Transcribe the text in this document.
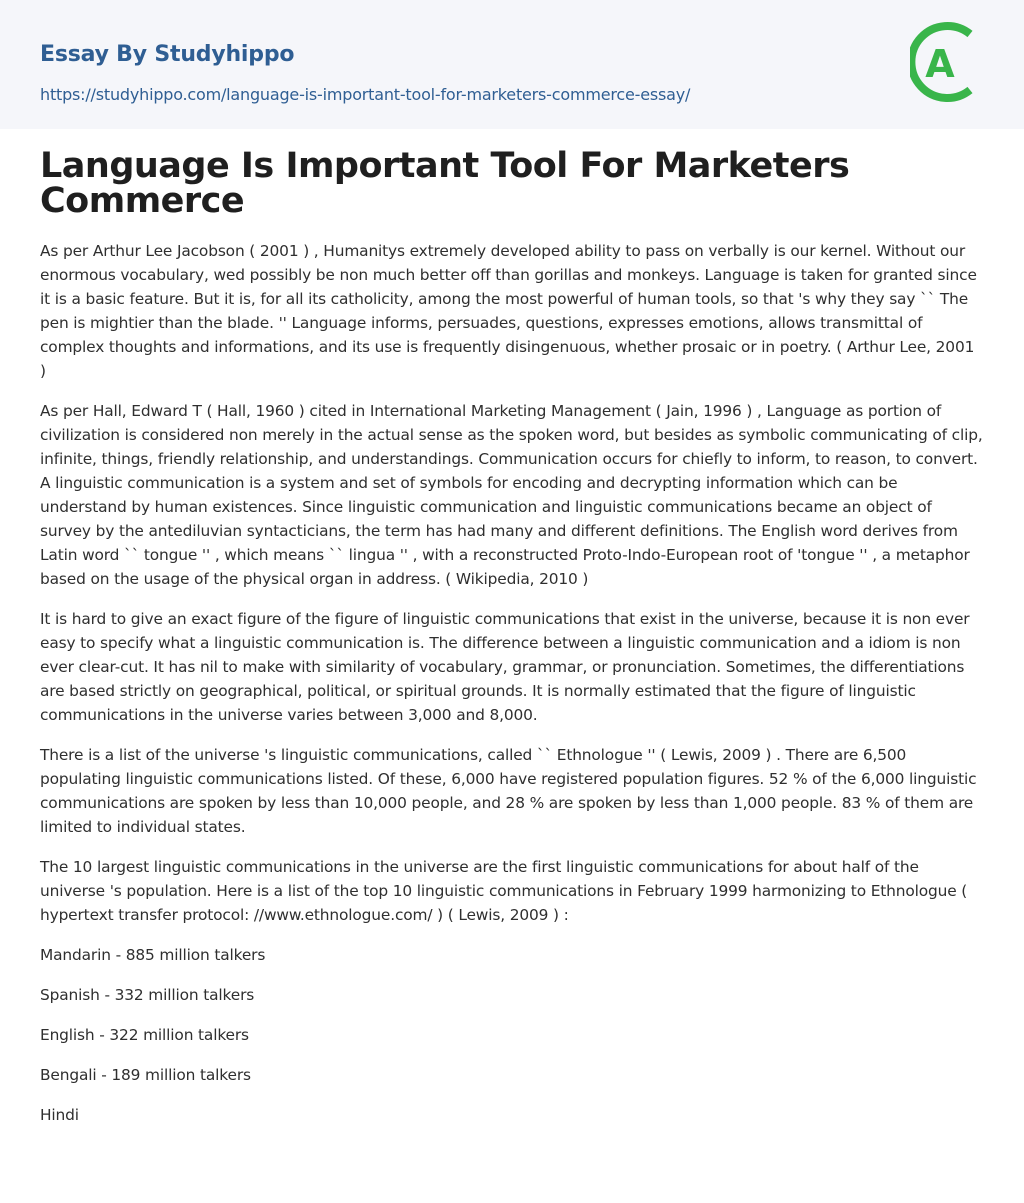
Essay By Studyhippo
https://studyhippo.com/language-is-important-tool-for-marketers-commerce-essay/
A
Language Is Important Tool For Marketers Commerce

As per Arthur Lee Jacobson ( 2001 ) , Humanitys extremely developed ability to pass on verbally is our kernel. Without our enormous vocabulary, wed possibly be non much better off than gorillas and monkeys. Language is taken for granted since it is a basic feature. But it is, for all its catholicity, among the most powerful of human tools, so that 's why they say `` The pen is mightier than the blade. '' Language informs, persuades, questions, expresses emotions, allows transmittal of complex thoughts and informations, and its use is frequently disingenuous, whether prosaic or in poetry. ( Arthur Lee, 2001 )

As per Hall, Edward T ( Hall, 1960 ) cited in International Marketing Management ( Jain, 1996 ) , Language as portion of civilization is considered non merely in the actual sense as the spoken word, but besides as symbolic communicating of clip, infinite, things, friendly relationship, and understandings. Communication occurs for chiefly to inform, to reason, to convert. A linguistic communication is a system and set of symbols for encoding and decrypting information which can be understand by human existences. Since linguistic communication and linguistic communications became an object of survey by the antediluvian syntacticians, the term has had many and different definitions. The English word derives from Latin word `` tongue '' , which means `` lingua '' , with a reconstructed Proto-Indo-European root of 'tongue '' , a metaphor based on the usage of the physical organ in address. ( Wikipedia, 2010 )

It is hard to give an exact figure of the figure of linguistic communications that exist in the universe, because it is non ever easy to specify what a linguistic communication is. The difference between a linguistic communication and a idiom is non ever clear-cut. It has nil to make with similarity of vocabulary, grammar, or pronunciation. Sometimes, the differentiations are based strictly on geographical, political, or spiritual grounds. It is normally estimated that the figure of linguistic communications in the universe varies between 3,000 and 8,000.

There is a list of the universe 's linguistic communications, called `` Ethnologue '' ( Lewis, 2009 ) . There are 6,500 populating linguistic communications listed. Of these, 6,000 have registered population figures. 52 % of the 6,000 linguistic communications are spoken by less than 10,000 people, and 28 % are spoken by less than 1,000 people. 83 % of them are limited to individual states.

The 10 largest linguistic communications in the universe are the first linguistic communications for about half of the universe 's population. Here is a list of the top 10 linguistic communications in February 1999 harmonizing to Ethnologue ( hypertext transfer protocol: //www.ethnologue.com/ ) ( Lewis, 2009 ) :

Mandarin - 885 million talkers

Spanish - 332 million talkers

English - 322 million talkers

Bengali - 189 million talkers

Hindi
